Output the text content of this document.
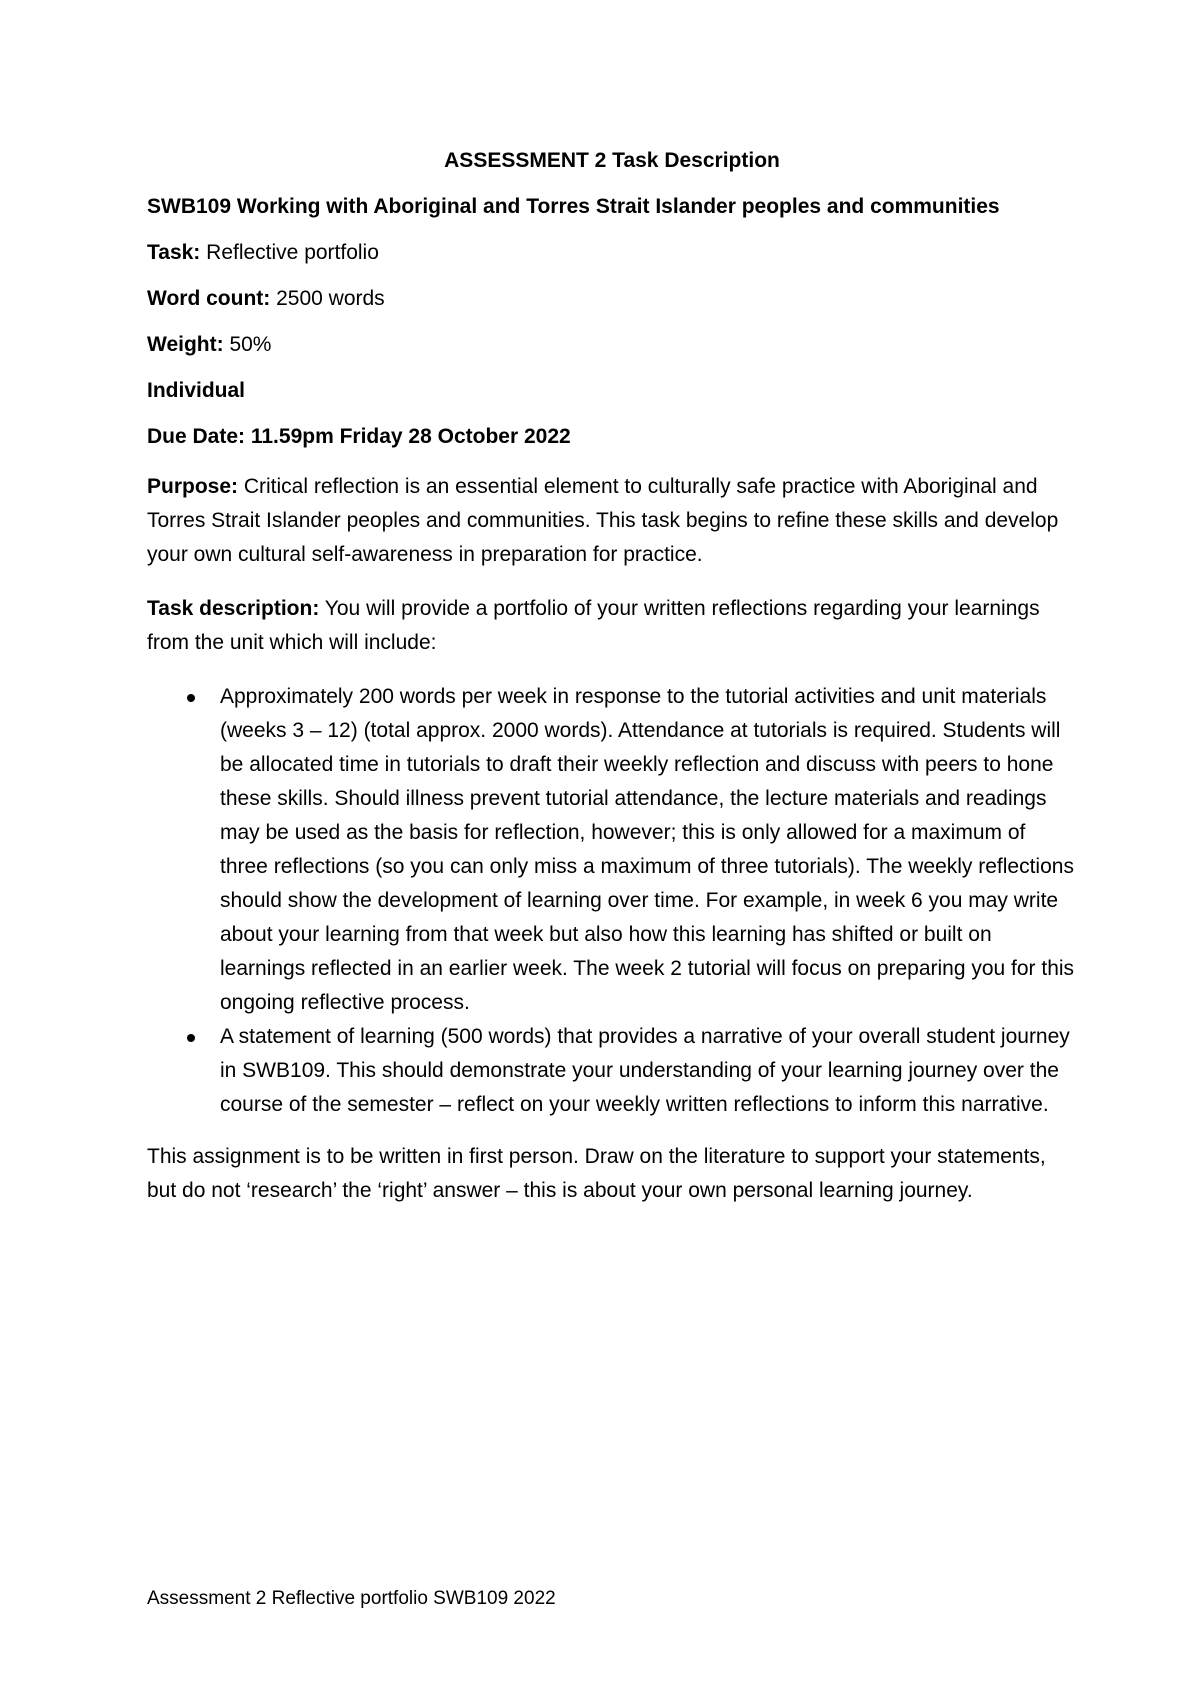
ASSESSMENT 2 Task Description

SWB109 Working with Aboriginal and Torres Strait Islander peoples and communities

Task: Reflective portfolio

Word count: 2500 words

Weight: 50%

Individual

Due Date: 11.59pm Friday 28 October 2022

Purpose: Critical reflection is an essential element to culturally safe practice with Aboriginal and Torres Strait Islander peoples and communities. This task begins to refine these skills and develop your own cultural self-awareness in preparation for practice.

Task description: You will provide a portfolio of your written reflections regarding your learnings from the unit which will include:

Approximately 200 words per week in response to the tutorial activities and unit materials (weeks 3 – 12) (total approx. 2000 words). Attendance at tutorials is required. Students will be allocated time in tutorials to draft their weekly reflection and discuss with peers to hone these skills. Should illness prevent tutorial attendance, the lecture materials and readings may be used as the basis for reflection, however; this is only allowed for a maximum of three reflections (so you can only miss a maximum of three tutorials). The weekly reflections should show the development of learning over time. For example, in week 6 you may write about your learning from that week but also how this learning has shifted or built on learnings reflected in an earlier week. The week 2 tutorial will focus on preparing you for this ongoing reflective process.
A statement of learning (500 words) that provides a narrative of your overall student journey in SWB109. This should demonstrate your understanding of your learning journey over the course of the semester – reflect on your weekly written reflections to inform this narrative.

This assignment is to be written in first person. Draw on the literature to support your statements, but do not ‘research’ the ‘right’ answer – this is about your own personal learning journey.

Assessment 2 Reflective portfolio SWB109 2022
